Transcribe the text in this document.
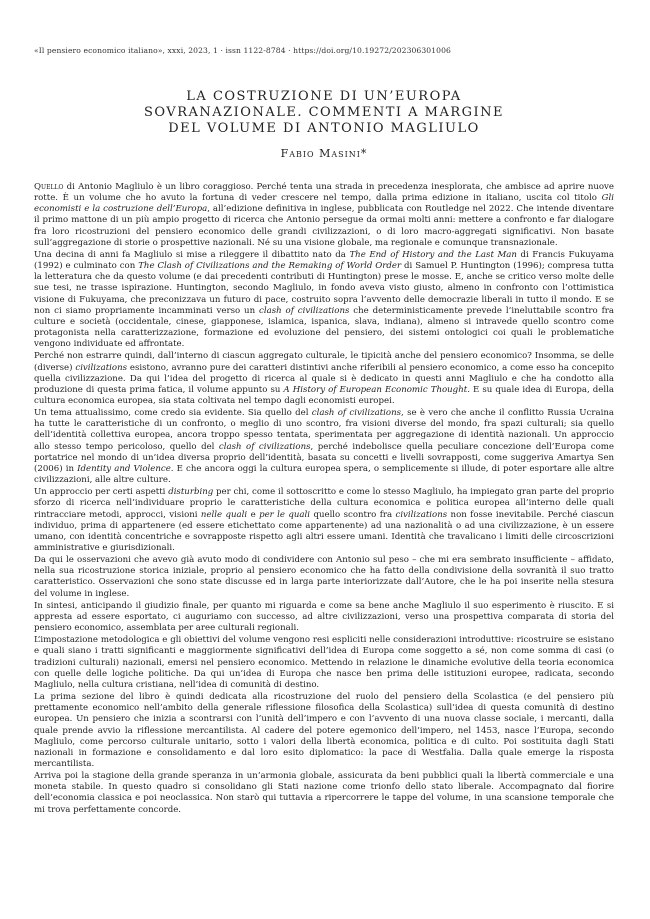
«Il pensiero economico italiano», xxxi, 2023, 1 · issn 1122-8784 · https://doi.org/10.19272/202306301006
LA COSTRUZIONE DI UN’EUROPA
SOVRANAZIONALE. COMMENTI A MARGINE
DEL VOLUME DI ANTONIO MAGLIULO
Fabio Masini*

Quello di Antonio Magliulo è un libro coraggioso. Perché tenta una strada in precedenza inesplorata, che ambisce ad aprire nuove rotte. È un volume che ho avuto la fortuna di veder crescere nel tempo, dalla prima edizione in italiano, uscita col titolo Gli economisti e la costruzione dell’Europa, all’edizione definitiva in inglese, pubblicata con Routledge nel 2022. Che intende diventare il primo mattone di un più ampio progetto di ricerca che Antonio persegue da ormai molti anni: mettere a confronto e far dialogare fra loro ricostruzioni del pensiero economico delle grandi civilizzazioni, o di loro macro-aggregati significativi. Non basate sull’aggregazione di storie o prospettive nazionali. Né su una visione globale, ma regionale e comunque transnazionale.

Una decina di anni fa Magliulo si mise a rileggere il dibattito nato da The End of History and the Last Man di Francis Fukuyama (1992) e culminato con The Clash of Civilizations and the Remaking of World Order di Samuel P. Huntington (1996); compresa tutta la letteratura che da questo volume (e dai precedenti contributi di Huntington) prese le mosse. E, anche se critico verso molte delle sue tesi, ne trasse ispirazione. Huntington, secondo Magliulo, in fondo aveva visto giusto, almeno in confronto con l’ottimistica visione di Fukuyama, che preconizzava un futuro di pace, costruito sopra l’avvento delle democrazie liberali in tutto il mondo. E se non ci siamo propriamente incamminati verso un clash of civilizations che deterministicamente prevede l’ineluttabile scontro fra culture e società (occidentale, cinese, giapponese, islamica, ispanica, slava, indiana), almeno si intravede quello scontro come protagonista nella caratterizzazione, formazione ed evoluzione del pensiero, dei sistemi ontologici coi quali le problematiche vengono individuate ed affrontate.

Perché non estrarre quindi, dall’interno di ciascun aggregato culturale, le tipicità anche del pensiero economico? Insomma, se delle (diverse) civilizations esistono, avranno pure dei caratteri distintivi anche riferibili al pensiero economico, a come esso ha concepito quella civilizzazione. Da qui l’idea del progetto di ricerca al quale si è dedicato in questi anni Magliulo e che ha condotto alla produzione di questa prima fatica, il volume appunto su A History of European Economic Thought. E su quale idea di Europa, della cultura economica europea, sia stata coltivata nel tempo dagli economisti europei.

Un tema attualissimo, come credo sia evidente. Sia quello del clash of civilizations, se è vero che anche il conflitto Russia Ucraina ha tutte le caratteristiche di un confronto, o meglio di uno scontro, fra visioni diverse del mondo, fra spazi culturali; sia quello dell’identità collettiva europea, ancora troppo spesso tentata, sperimentata per aggregazione di identità nazionali. Un approccio allo stesso tempo pericoloso, quello del clash of civilizations, perché indebolisce quella peculiare concezione dell’Europa come portatrice nel mondo di un’idea diversa proprio dell’identità, basata su concetti e livelli sovrapposti, come suggeriva Amartya Sen (2006) in Identity and Violence. E che ancora oggi la cultura europea spera, o semplicemente si illude, di poter esportare alle altre civilizzazioni, alle altre culture.

Un approccio per certi aspetti disturbing per chi, come il sottoscritto e come lo stesso Magliulo, ha impiegato gran parte del proprio sforzo di ricerca nell’individuare proprio le caratteristiche della cultura economica e politica europea all’interno delle quali rintracciare metodi, approcci, visioni nelle quali e per le quali quello scontro fra civilizations non fosse inevitabile. Perché ciascun individuo, prima di appartenere (ed essere etichettato come appartenente) ad una nazionalità o ad una civilizzazione, è un essere umano, con identità concentriche e sovrapposte rispetto agli altri essere umani. Identità che travalicano i limiti delle circoscrizioni amministrative e giurisdizionali.

Da qui le osservazioni che avevo già avuto modo di condividere con Antonio sul peso – che mi era sembrato insufficiente – affidato, nella sua ricostruzione storica iniziale, proprio al pensiero economico che ha fatto della condivisione della sovranità il suo tratto caratteristico. Osservazioni che sono state discusse ed in larga parte interiorizzate dall’Autore, che le ha poi inserite nella stesura del volume in inglese.

In sintesi, anticipando il giudizio finale, per quanto mi riguarda e come sa bene anche Magliulo il suo esperimento è riuscito. E si appresta ad essere esportato, ci auguriamo con successo, ad altre civilizzazioni, verso una prospettiva comparata di storia del pensiero economico, assemblata per aree culturali regionali.

L’impostazione metodologica e gli obiettivi del volume vengono resi espliciti nelle considerazioni introduttive: ricostruire se esistano e quali siano i tratti significanti e maggiormente significativi dell’idea di Europa come soggetto a sé, non come somma di casi (o tradizioni culturali) nazionali, emersi nel pensiero economico. Mettendo in relazione le dinamiche evolutive della teoria economica con quelle delle logiche politiche. Da qui un’idea di Europa che nasce ben prima delle istituzioni europee, radicata, secondo Magliulo, nella cultura cristiana, nell’idea di comunità di destino.

La prima sezione del libro è quindi dedicata alla ricostruzione del ruolo del pensiero della Scolastica (e del pensiero più prettamente economico nell’ambito della generale riflessione filosofica della Scolastica) sull’idea di questa comunità di destino europea. Un pensiero che inizia a scontrarsi con l’unità dell’impero e con l’avvento di una nuova classe sociale, i mercanti, dalla quale prende avvio la riflessione mercantilista. Al cadere del potere egemonico dell’impero, nel 1453, nasce l’Europa, secondo Magliulo, come percorso culturale unitario, sotto i valori della libertà economica, politica e di culto. Poi sostituita dagli Stati nazionali in formazione e consolidamento e dal loro esito diplomatico: la pace di Westfalia. Dalla quale emerge la risposta mercantilista.

Arriva poi la stagione della grande speranza in un’armonia globale, assicurata da beni pubblici quali la libertà commerciale e una moneta stabile. In questo quadro si consolidano gli Stati nazione come trionfo dello stato liberale. Accompagnato dal fiorire dell’economia classica e poi neoclassica. Non starò qui tuttavia a ripercorrere le tappe del volume, in una scansione temporale che mi trova perfettamente concorde.
